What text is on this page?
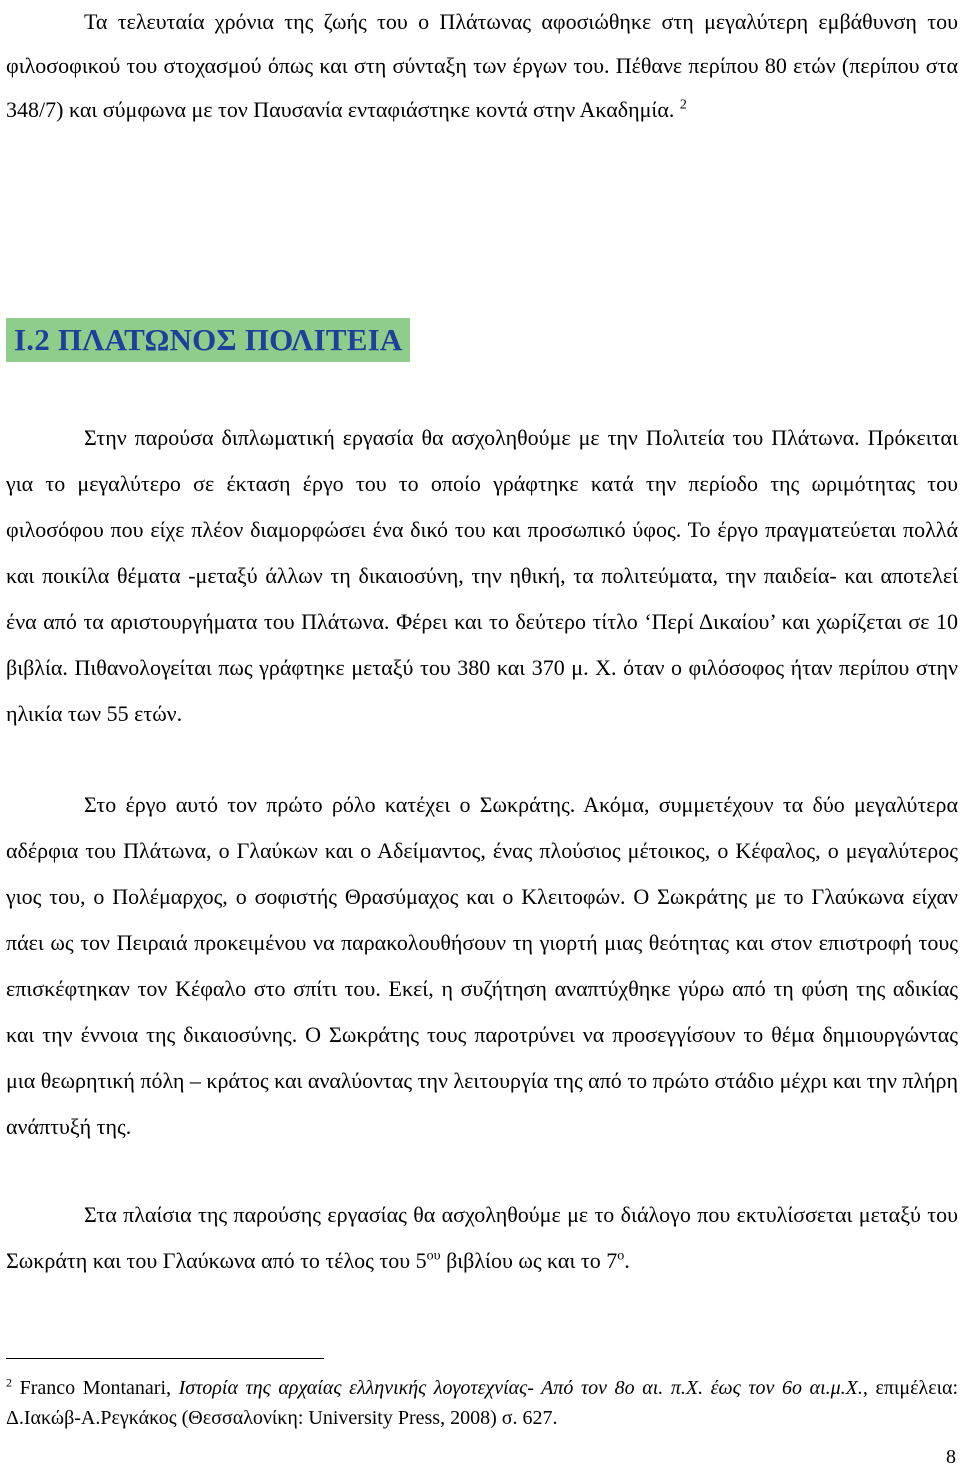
Τα τελευταία χρόνια της ζωής του ο Πλάτωνας αφοσιώθηκε στη μεγαλύτερη εμβάθυνση του φιλοσοφικού του στοχασμού όπως και στη σύνταξη των έργων του. Πέθανε περίπου 80 ετών (περίπου στα 348/7) και σύμφωνα με τον Παυσανία ενταφιάστηκε κοντά στην Ακαδημία. $^2$

Ι.2 ΠΛΑΤΩΝΟΣ ΠΟΛΙΤΕΙΑ

Στην παρούσα διπλωματική εργασία θα ασχοληθούμε με την Πολιτεία του Πλάτωνα. Πρόκειται για το μεγαλύτερο σε έκταση έργο του το οποίο γράφτηκε κατά την περίοδο της ωριμότητας του φιλοσόφου που είχε πλέον διαμορφώσει ένα δικό του και προσωπικό ύφος. Το έργο πραγματεύεται πολλά και ποικίλα θέματα -μεταξύ άλλων τη δικαιοσύνη, την ηθική, τα πολιτεύματα, την παιδεία- και αποτελεί ένα από τα αριστουργήματα του Πλάτωνα. Φέρει και το δεύτερο τίτλο ‘Περί Δικαίου’ και χωρίζεται σε 10 βιβλία. Πιθανολογείται πως γράφτηκε μεταξύ του 380 και 370 μ. Χ. όταν ο φιλόσοφος ήταν περίπου στην ηλικία των 55 ετών.

Στο έργο αυτό τον πρώτο ρόλο κατέχει ο Σωκράτης. Ακόμα, συμμετέχουν τα δύο μεγαλύτερα αδέρφια του Πλάτωνα, ο Γλαύκων και ο Αδείμαντος, ένας πλούσιος μέτοικος, ο Κέφαλος, ο μεγαλύτερος γιος του, ο Πολέμαρχος, ο σοφιστής Θρασύμαχος και ο Κλειτοφών. Ο Σωκράτης με το Γλαύκωνα είχαν πάει ως τον Πειραιά προκειμένου να παρακολουθήσουν τη γιορτή μιας θεότητας και στον επιστροφή τους επισκέφτηκαν τον Κέφαλο στο σπίτι του. Εκεί, η συζήτηση αναπτύχθηκε γύρω από τη φύση της αδικίας και την έννοια της δικαιοσύνης. Ο Σωκράτης τους παροτρύνει να προσεγγίσουν το θέμα δημιουργώντας μια θεωρητική πόλη – κράτος και αναλύοντας την λειτουργία της από το πρώτο στάδιο μέχρι και την πλήρη ανάπτυξή της.

Στα πλαίσια της παρούσης εργασίας θα ασχοληθούμε με το διάλογο που εκτυλίσσεται μεταξύ του Σωκράτη και του Γλαύκωνα από το τέλος του $5^{o\upsilon}$ βιβλίου ως και το $7^o$.

$^2$ Franco Montanari, Ιστορία της αρχαίας ελληνικής λογοτεχνίας- Από τον 8ο αι. π.Χ. έως τον 6ο αι.μ.Χ., επιμέλεια: Δ.Ιακώβ-Α.Ρεγκάκος (Θεσσαλονίκη: University Press, 2008) σ. 627.

8
